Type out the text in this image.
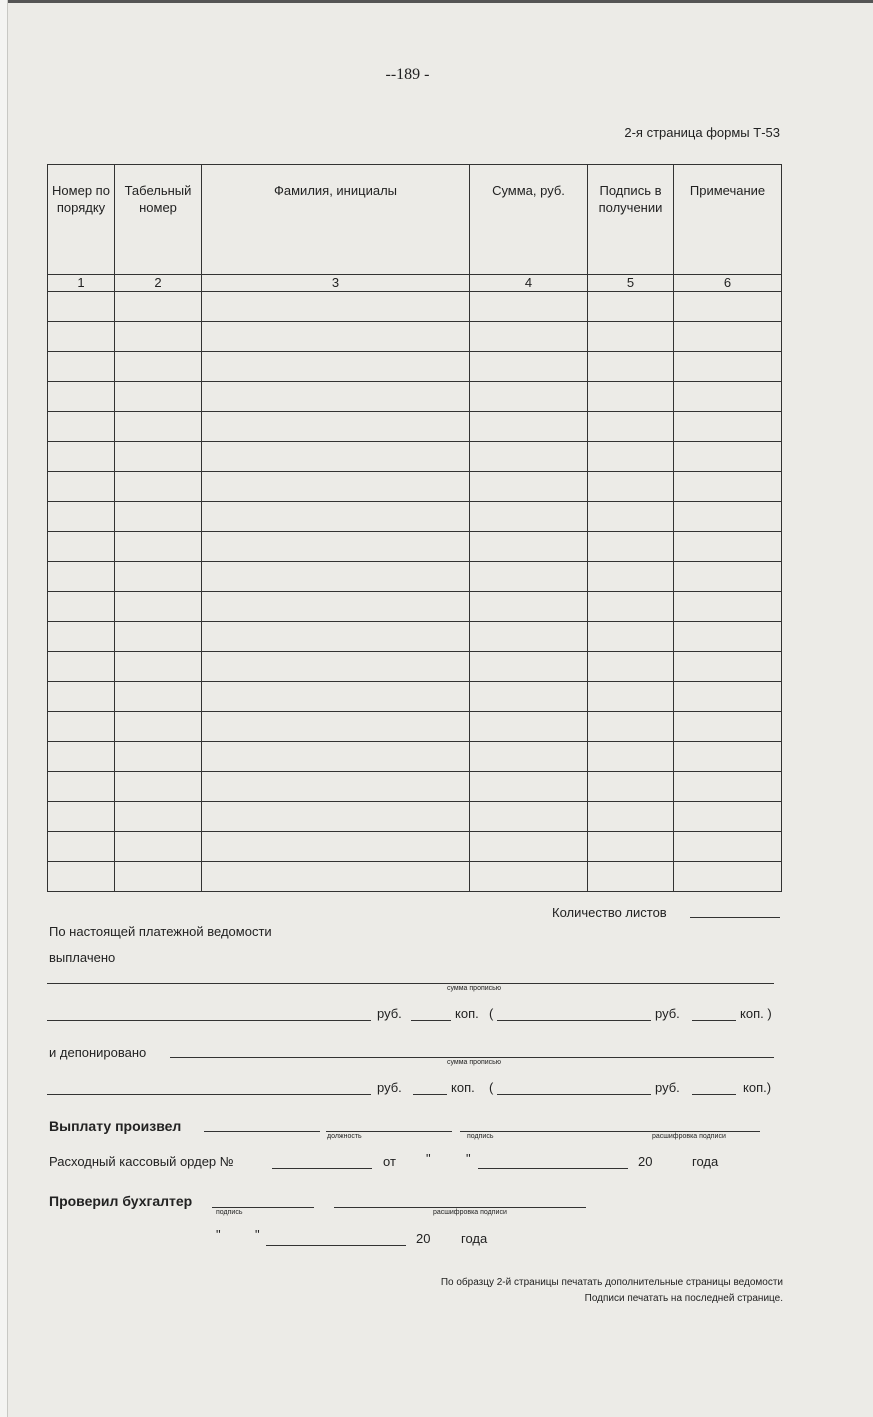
--189 -
2-я страница формы Т-53
Номер по порядку	Табельный номер	Фамилия, инициалы	Сумма, руб.	Подпись в получении	Примечание
1	2	3	4	5	6

Количество листов
По настоящей платежной ведомости
выплачено
сумма прописью
руб.	коп. (	руб.	коп. )
и депонировано
сумма прописью
руб.	коп. (	руб.	коп.)
Выплату произвел
должность	подпись	расшифровка подписи
Расходный кассовый ордер №	от "	"	20	года
Проверил бухгалтер
подпись	расшифровка подписи
"	"	20 года
По образцу 2-й страницы печатать дополнительные страницы ведомости
Подписи печатать на последней странице.
